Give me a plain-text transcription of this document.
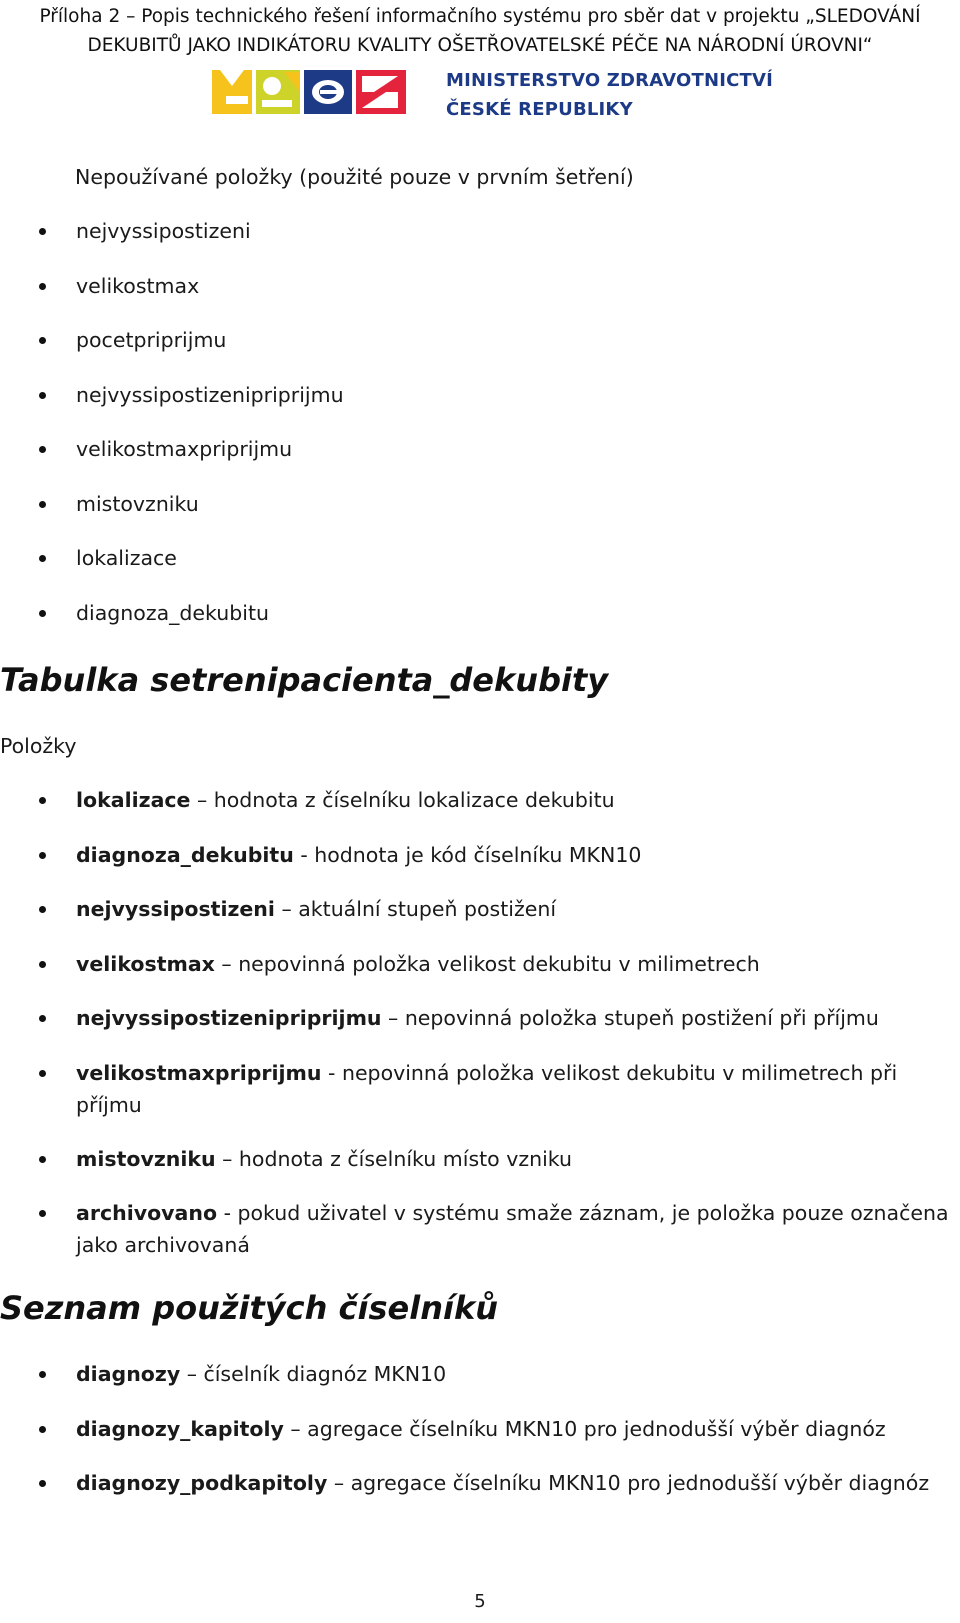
Příloha 2 – Popis technického řešení informačního systému pro sběr dat v projektu „SLEDOVÁNÍ
DEKUBITŮ JAKO INDIKÁTORU KVALITY OŠETŘOVATELSKÉ PÉČE NA NÁRODNÍ ÚROVNI“
MINISTERSTVO ZDRAVOTNICTVÍ
ČESKÉ REPUBLIKY
Nepoužívané položky (použité pouze v prvním šetření)
nejvyssipostizeni
velikostmax
pocetpriprijmu
nejvyssipostizenipriprijmu
velikostmaxpriprijmu
mistovzniku
lokalizace
diagnoza_dekubitu
Tabulka setrenipacienta_dekubity
Položky
lokalizace – hodnota z číselníku lokalizace dekubitu
diagnoza_dekubitu - hodnota je kód číselníku MKN10
nejvyssipostizeni – aktuální stupeň postižení
velikostmax – nepovinná položka velikost dekubitu v milimetrech
nejvyssipostizenipriprijmu – nepovinná položka stupeň postižení při příjmu
velikostmaxpriprijmu - nepovinná položka velikost dekubitu v milimetrech při příjmu
mistovzniku – hodnota z číselníku místo vzniku
archivovano - pokud uživatel v systému smaže záznam, je položka pouze označena jako archivovaná
Seznam použitých číselníků
diagnozy – číselník diagnóz MKN10
diagnozy_kapitoly – agregace číselníku MKN10 pro jednodušší výběr diagnóz
diagnozy_podkapitoly – agregace číselníku MKN10 pro jednodušší výběr diagnóz
5
